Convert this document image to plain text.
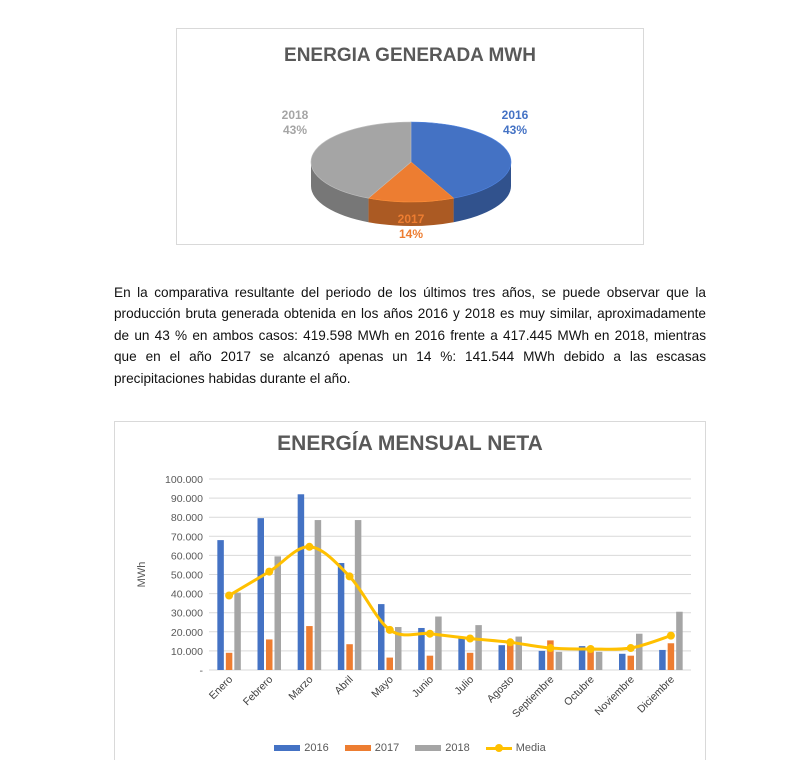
ENERGIA GENERADA MWH
2016
43%
2017
14%
2018
43%
En la comparativa resultante del periodo de los últimos tres años, se puede observar que la producción bruta generada obtenida en los años 2016 y 2018 es muy similar, aproximadamente de un 43 % en ambos casos: 419.598 MWh en 2016 frente a 417.445 MWh en 2018, mientras que en el año 2017 se alcanzó apenas un 14 %: 141.544 MWh debido a las escasas precipitaciones habidas durante el año.
ENERGÍA MENSUAL NETA
-
10.000
20.000
30.000
40.000
50.000
60.000
70.000
80.000
90.000
100.000
MWh
Enero Febrero Marzo Abril Mayo Junio Julio Agosto
Septiembre Octubre
Noviembre
Diciembre
2016	2017	2018	Media
